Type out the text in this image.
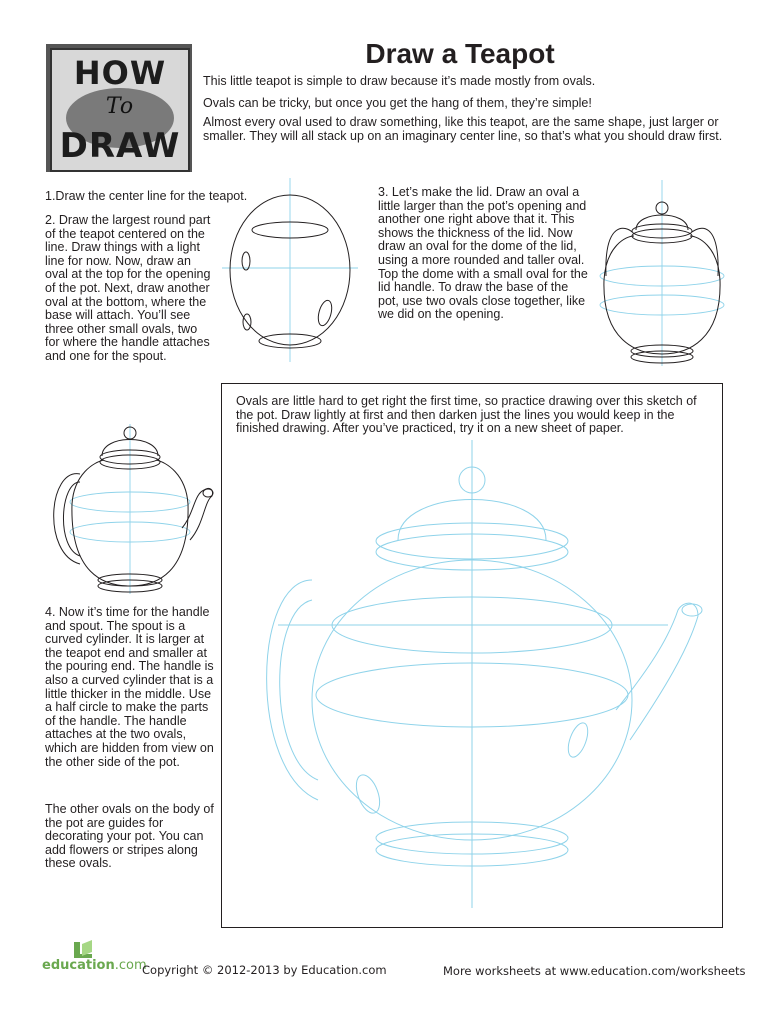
HOW
To
DRAW
Draw a Teapot
This little teapot is simple to draw because it’s made mostly from ovals.
Ovals can be tricky, but once you get the hang of them, they’re simple!
Almost every oval used to draw something, like this teapot, are the same shape, just larger or smaller. They will all stack up on an imaginary center line, so that’s what you should draw first.
1.Draw the center line for the teapot.
2. Draw the largest round part of the teapot centered on the line. Draw things with a light line for now. Now, draw an oval at the top for the opening of the pot. Next, draw another oval at the bottom, where the base will attach. You’ll see three other small ovals, two for where the handle attaches and one for the spout.
3. Let’s make the lid. Draw an oval a little larger than the pot’s opening and another one right above that it. This shows the thickness of the lid. Now draw an oval for the dome of the lid, using a more rounded and taller oval. Top the dome with a small oval for the lid handle. To draw the base of the pot, use two ovals close together, like we did on the opening.
4. Now it’s time for the handle and spout. The spout is a curved cylinder. It is larger at the teapot end and smaller at the pouring end. The handle is also a curved cylinder that is a little thicker in the middle. Use a half circle to make the parts of the handle. The handle attaches at the two ovals, which are hidden from view on the other side of the pot.
The other ovals on the body of the pot are guides for decorating your pot. You can add flowers or stripes along these ovals.
Ovals are little hard to get right the first time, so practice drawing over this sketch of the pot. Draw lightly at first and then darken just the lines you would keep in the finished drawing. After you’ve practiced, try it on a new sheet of paper.
education.com
Copyright © 2012-2013 by Education.com	More worksheets at www.education.com/worksheets
